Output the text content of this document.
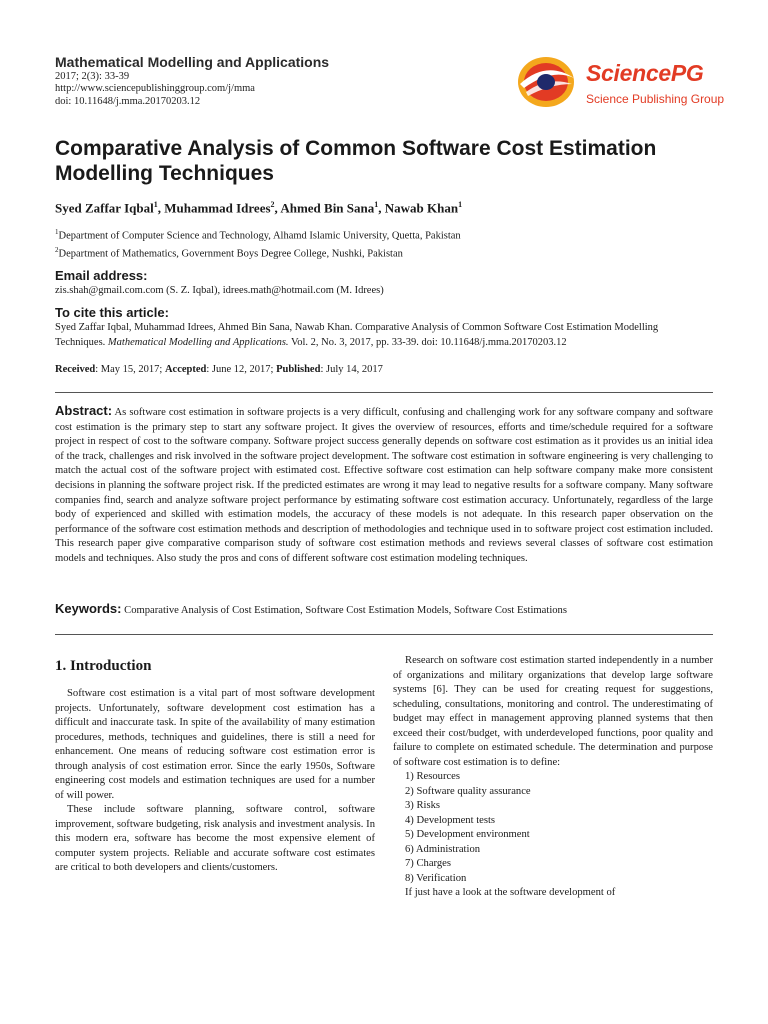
Mathematical Modelling and Applications
2017; 2(3): 33-39
http://www.sciencepublishinggroup.com/j/mma
doi: 10.11648/j.mma.20170203.12
SciencePG
Science Publishing Group
Comparative Analysis of Common Software Cost Estimation Modelling Techniques
Syed Zaffar Iqbal$^1$, Muhammad Idrees$^2$, Ahmed Bin Sana$^1$, Nawab Khan$^1$
$^1$Department of Computer Science and Technology, Alhamd Islamic University, Quetta, Pakistan
$^2$Department of Mathematics, Government Boys Degree College, Nushki, Pakistan
Email address:
zis.shah@gmail.com.com (S. Z. Iqbal), idrees.math@hotmail.com (M. Idrees)
To cite this article:
Syed Zaffar Iqbal, Muhammad Idrees, Ahmed Bin Sana, Nawab Khan. Comparative Analysis of Common Software Cost Estimation Modelling Techniques. Mathematical Modelling and Applications. Vol. 2, No. 3, 2017, pp. 33-39. doi: 10.11648/j.mma.20170203.12
Received: May 15, 2017; Accepted: June 12, 2017; Published: July 14, 2017
Abstract: As software cost estimation in software projects is a very difficult, confusing and challenging work for any software company and software cost estimation is the primary step to start any software project. It gives the overview of resources, efforts and time/schedule required for a software project in respect of cost to the software company. Software project success generally depends on software cost estimation as it provides us an initial idea of the track, challenges and risk involved in the software project development. The software cost estimation in software engineering is very challenging to match the actual cost of the software project with estimated cost. Effective software cost estimation can help software company make more consistent decisions in planning the software project risk. If the predicted estimates are wrong it may lead to negative results for a software company. Many software companies find, search and analyze software project performance by estimating software cost estimation accuracy. Unfortunately, regardless of the large body of experienced and skilled with estimation models, the accuracy of these models is not adequate. In this research paper observation on the performance of the software cost estimation methods and description of methodologies and technique used in to software project cost estimation included. This research paper give comparative comparison study of software cost estimation methods and reviews several classes of software cost estimation models and techniques. Also study the pros and cons of different software cost estimation modeling techniques.
Keywords: Comparative Analysis of Cost Estimation, Software Cost Estimation Models, Software Cost Estimations
1. Introduction

Software cost estimation is a vital part of most software development projects. Unfortunately, software development cost estimation has a difficult and inaccurate task. In spite of the availability of many estimation procedures, methods, techniques and guidelines, there is still a need for enhancement. One means of reducing software cost estimation error is through analysis of cost estimation error. Since the early 1950s, Software engineering cost models and estimation techniques are used for a number of will power.

These include software planning, software control, software improvement, software budgeting, risk analysis and investment analysis. In this modern era, software has become the most expensive element of computer system projects. Reliable and accurate software cost estimates are critical to both developers and clients/customers.

Research on software cost estimation started independently in a number of organizations and military organizations that develop large software systems [6]. They can be used for creating request for suggestions, scheduling, consultations, monitoring and control. The underestimating of budget may effect in management approving planned systems that then exceed their cost/budget, with underdeveloped functions, poor quality and failure to complete on estimated schedule. The determination and purpose of software cost estimation is to define:

1) Resources
2) Software quality assurance
3) Risks
4) Development tests
5) Development environment
6) Administration
7) Charges
8) Verification

If just have a look at the software development of
